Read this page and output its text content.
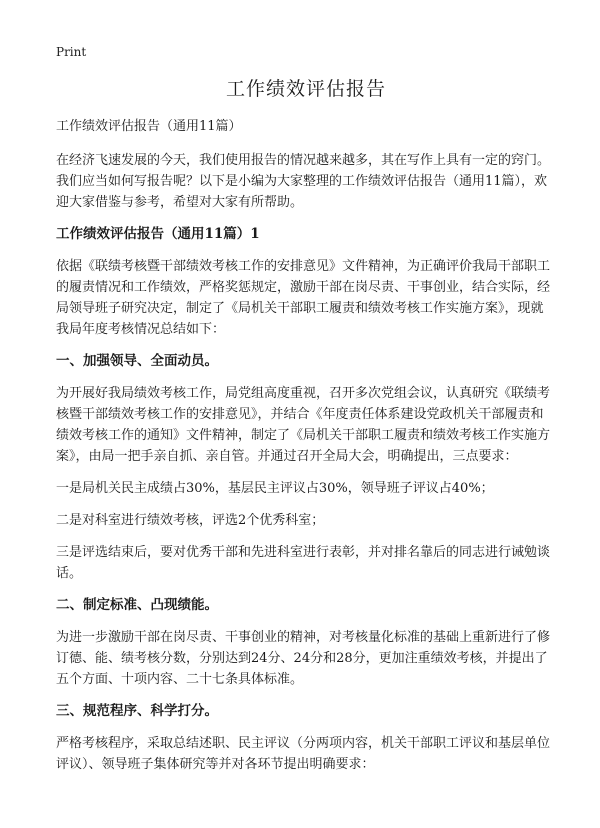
Print
工作绩效评估报告

工作绩效评估报告（通用11篇）

在经济飞速发展的今天，我们使用报告的情况越来越多，其在写作上具有一定的窍门。我们应当如何写报告呢？以下是小编为大家整理的工作绩效评估报告（通用11篇），欢迎大家借鉴与参考，希望对大家有所帮助。

工作绩效评估报告（通用11篇）1

依据《联绩考核暨干部绩效考核工作的安排意见》文件精神，为正确评价我局干部职工的履责情况和工作绩效，严格奖惩规定，激励干部在岗尽责、干事创业，结合实际，经局领导班子研究决定，制定了《局机关干部职工履责和绩效考核工作实施方案》，现就我局年度考核情况总结如下：

一、加强领导、全面动员。

为开展好我局绩效考核工作，局党组高度重视，召开多次党组会议，认真研究《联绩考核暨干部绩效考核工作的安排意见》，并结合《年度责任体系建设党政机关干部履责和绩效考核工作的通知》文件精神，制定了《局机关干部职工履责和绩效考核工作实施方案》，由局一把手亲自抓、亲自管。并通过召开全局大会，明确提出，三点要求：

一是局机关民主成绩占30%，基层民主评议占30%，领导班子评议占40%；

二是对科室进行绩效考核，评选2个优秀科室；

三是评选结束后，要对优秀干部和先进科室进行表彰，并对排名靠后的同志进行诫勉谈话。

二、制定标准、凸现绩能。

为进一步激励干部在岗尽责、干事创业的精神，对考核量化标准的基础上重新进行了修订德、能、绩考核分数，分别达到24分、24分和28分，更加注重绩效考核，并提出了五个方面、十项内容、二十七条具体标准。

三、规范程序、科学打分。

严格考核程序，采取总结述职、民主评议（分两项内容，机关干部职工评议和基层单位评议）、领导班子集体研究等并对各环节提出明确要求：
